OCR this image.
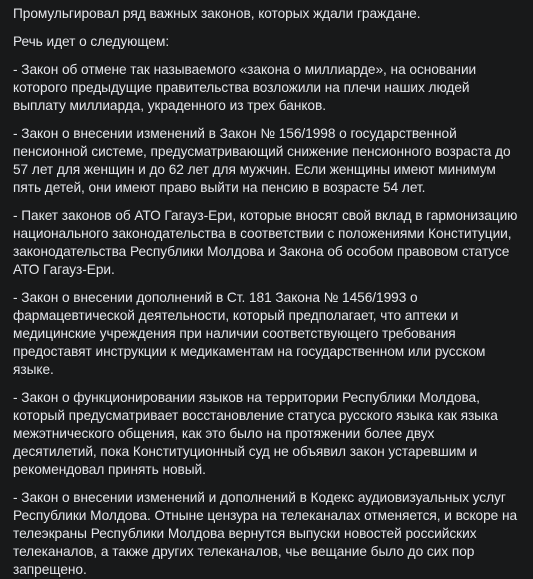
Промульгировал ряд важных законов, которых ждали граждане.

Речь идет о следующем:

- Закон об отмене так называемого «закона о миллиарде», на основании которого предыдущие правительства возложили на плечи наших людей выплату миллиарда, украденного из трех банков.

- Закон о внесении изменений в Закон № 156/1998 о государственной пенсионной системе, предусматривающий снижение пенсионного возраста до 57 лет для женщин и до 62 лет для мужчин. Если женщины имеют минимум пять детей, они имеют право выйти на пенсию в возрасте 54 лет.

- Пакет законов об АТО Гагауз-Ери, которые вносят свой вклад в гармонизацию национального законодательства в соответствии с положениями Конституции, законодательства Республики Молдова и Закона об особом правовом статусе АТО Гагауз-Ери.

- Закон о внесении дополнений в Ст. 181 Закона № 1456/1993 о фармацевтической деятельности, который предполагает, что аптеки и медицинские учреждения при наличии соответствующего требования предоставят инструкции к медикаментам на государственном или русском языке.

- Закон о функционировании языков на территории Республики Молдова, который предусматривает восстановление статуса русского языка как языка межэтнического общения, как это было на протяжении более двух десятилетий, пока Конституционный суд не объявил закон устаревшим и рекомендовал принять новый.

- Закон о внесении изменений и дополнений в Кодекс аудиовизуальных услуг Республики Молдова. Отныне цензура на телеканалах отменяется, и вскоре на телеэкраны Республики Молдова вернутся выпуски новостей российских телеканалов, а также других телеканалов, чье вещание было до сих пор запрещено.
